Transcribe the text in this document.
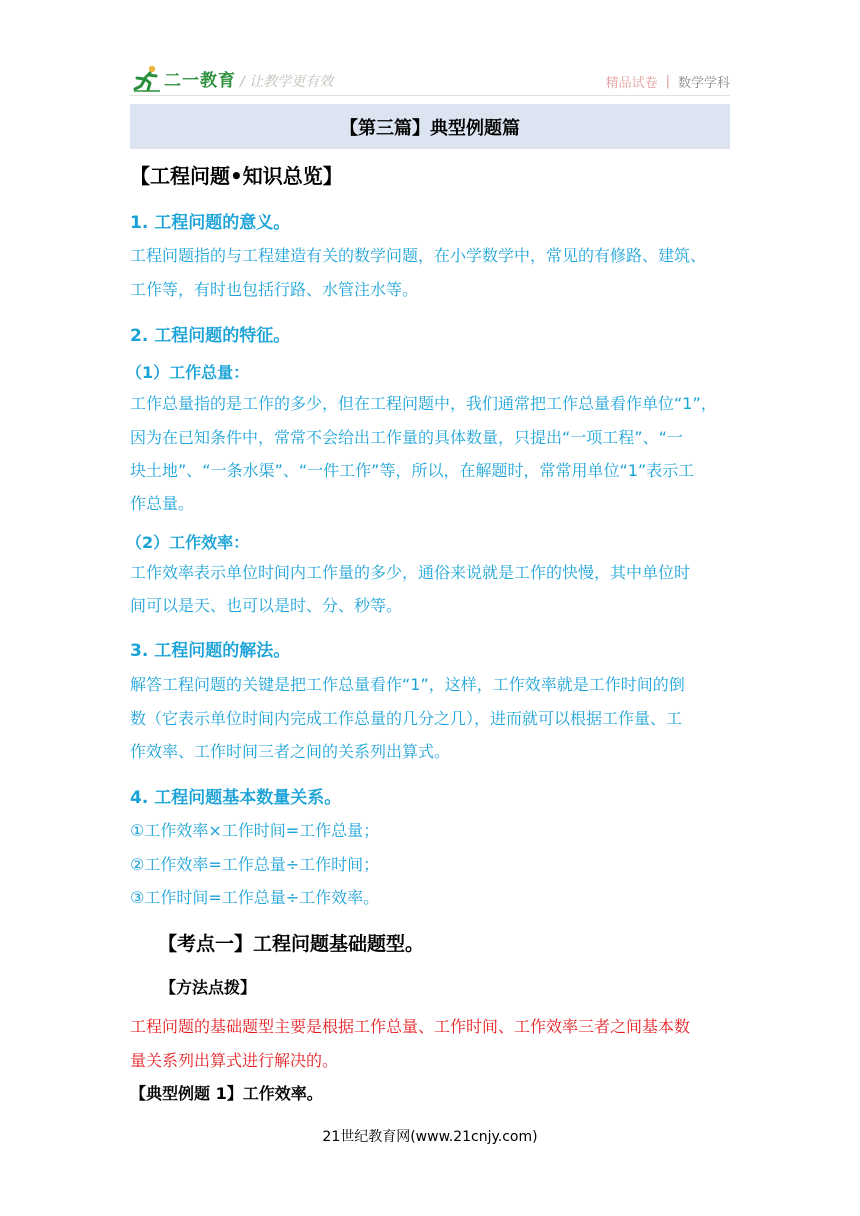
二一教育 / 让教学更有效	精品试卷 | 数学学科
【第三篇】典型例题篇
【工程问题•知识总览】
1. 工程问题的意义。
工程问题指的与工程建造有关的数学问题，在小学数学中，常见的有修路、建筑、
工作等，有时也包括行路、水管注水等。
2. 工程问题的特征。
（1）工作总量：
工作总量指的是工作的多少，但在工程问题中，我们通常把工作总量看作单位“1”，
因为在已知条件中，常常不会给出工作量的具体数量，只提出“一项工程”、“一
块土地”、“一条水渠”、“一件工作”等，所以，在解题时，常常用单位“1”表示工
作总量。
（2）工作效率：
工作效率表示单位时间内工作量的多少，通俗来说就是工作的快慢，其中单位时
间可以是天、也可以是时、分、秒等。
3. 工程问题的解法。
解答工程问题的关键是把工作总量看作“1”，这样，工作效率就是工作时间的倒
数（它表示单位时间内完成工作总量的几分之几），进而就可以根据工作量、工
作效率、工作时间三者之间的关系列出算式。
4. 工程问题基本数量关系。
①工作效率×工作时间=工作总量；
②工作效率=工作总量÷工作时间；
③工作时间=工作总量÷工作效率。
【考点一】工程问题基础题型。
【方法点拨】
工程问题的基础题型主要是根据工作总量、工作时间、工作效率三者之间基本数
量关系列出算式进行解决的。
【典型例题 1】工作效率。
21世纪教育网(www.21cnjy.com)
